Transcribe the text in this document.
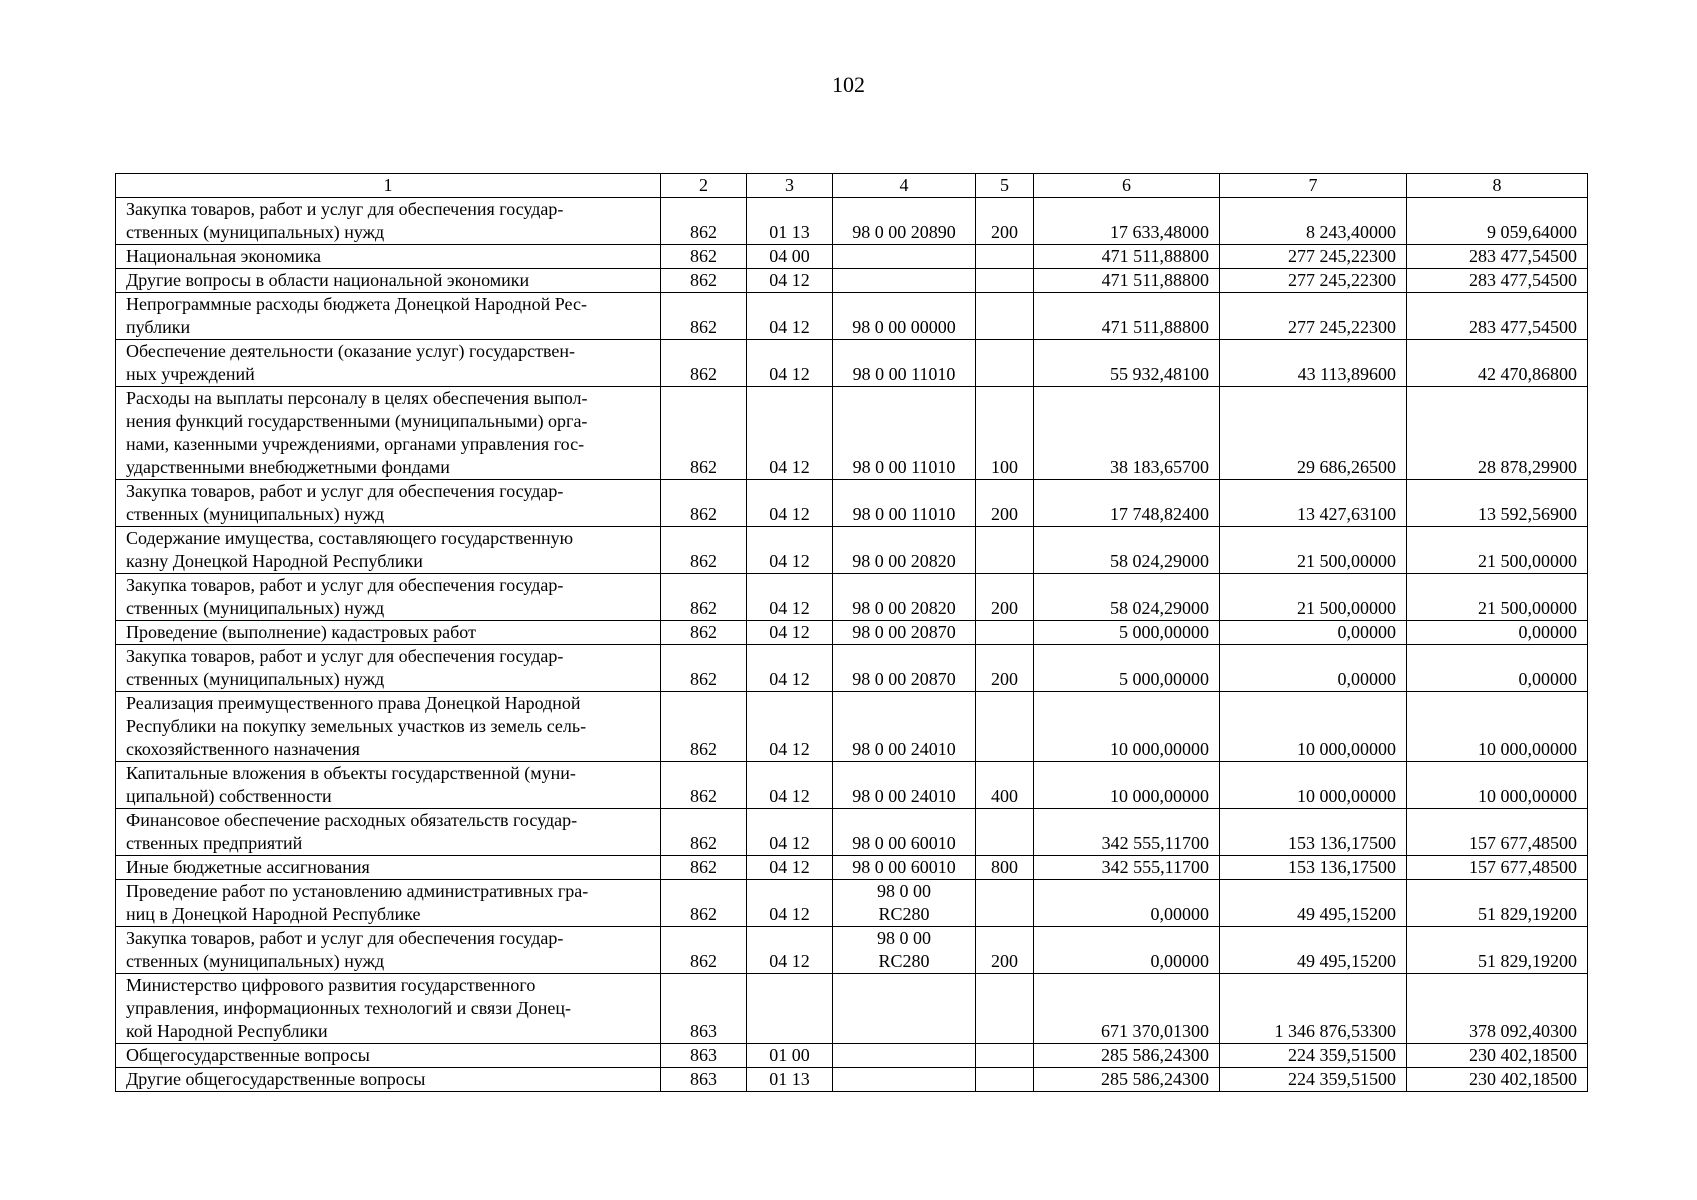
102
1	2	3	4	5	6	7	8
Закупка товаров, работ и услуг для обеспечения государ-
ственных (муниципальных) нужд	862	01 13	98 0 00 20890	200	17 633,48000	8 243,40000	9 059,64000
Национальная экономика	862	04 00			471 511,88800	277 245,22300	283 477,54500
Другие вопросы в области национальной экономики	862	04 12			471 511,88800	277 245,22300	283 477,54500
Непрограммные расходы бюджета Донецкой Народной Рес-
публики	862	04 12	98 0 00 00000		471 511,88800	277 245,22300	283 477,54500
Обеспечение деятельности (оказание услуг) государствен-
ных учреждений	862	04 12	98 0 00 11010		55 932,48100	43 113,89600	42 470,86800
Расходы на выплаты персоналу в целях обеспечения выпол-
нения функций государственными (муниципальными) орга-
нами, казенными учреждениями, органами управления гос-
ударственными внебюджетными фондами	862	04 12	98 0 00 11010	100	38 183,65700	29 686,26500	28 878,29900
Закупка товаров, работ и услуг для обеспечения государ-
ственных (муниципальных) нужд	862	04 12	98 0 00 11010	200	17 748,82400	13 427,63100	13 592,56900
Содержание имущества, составляющего государственную
казну Донецкой Народной Республики	862	04 12	98 0 00 20820		58 024,29000	21 500,00000	21 500,00000
Закупка товаров, работ и услуг для обеспечения государ-
ственных (муниципальных) нужд	862	04 12	98 0 00 20820	200	58 024,29000	21 500,00000	21 500,00000
Проведение (выполнение) кадастровых работ	862	04 12	98 0 00 20870		5 000,00000	0,00000	0,00000
Закупка товаров, работ и услуг для обеспечения государ-
ственных (муниципальных) нужд	862	04 12	98 0 00 20870	200	5 000,00000	0,00000	0,00000
Реализация преимущественного права Донецкой Народной
Республики на покупку земельных участков из земель сель-
скохозяйственного назначения	862	04 12	98 0 00 24010		10 000,00000	10 000,00000	10 000,00000
Капитальные вложения в объекты государственной (муни-
ципальной) собственности	862	04 12	98 0 00 24010	400	10 000,00000	10 000,00000	10 000,00000
Финансовое обеспечение расходных обязательств государ-
ственных предприятий	862	04 12	98 0 00 60010		342 555,11700	153 136,17500	157 677,48500
Иные бюджетные ассигнования	862	04 12	98 0 00 60010	800	342 555,11700	153 136,17500	157 677,48500
Проведение работ по установлению административных гра-
ниц в Донецкой Народной Республике	862	04 12	98 0 00
RC280		0,00000	49 495,15200	51 829,19200
Закупка товаров, работ и услуг для обеспечения государ-
ственных (муниципальных) нужд	862	04 12	98 0 00
RC280	200	0,00000	49 495,15200	51 829,19200
Министерство цифрового развития государственного
управления, информационных технологий и связи Донец-
кой Народной Республики	863				671 370,01300	1 346 876,53300	378 092,40300
Общегосударственные вопросы	863	01 00			285 586,24300	224 359,51500	230 402,18500
Другие общегосударственные вопросы	863	01 13			285 586,24300	224 359,51500	230 402,18500
